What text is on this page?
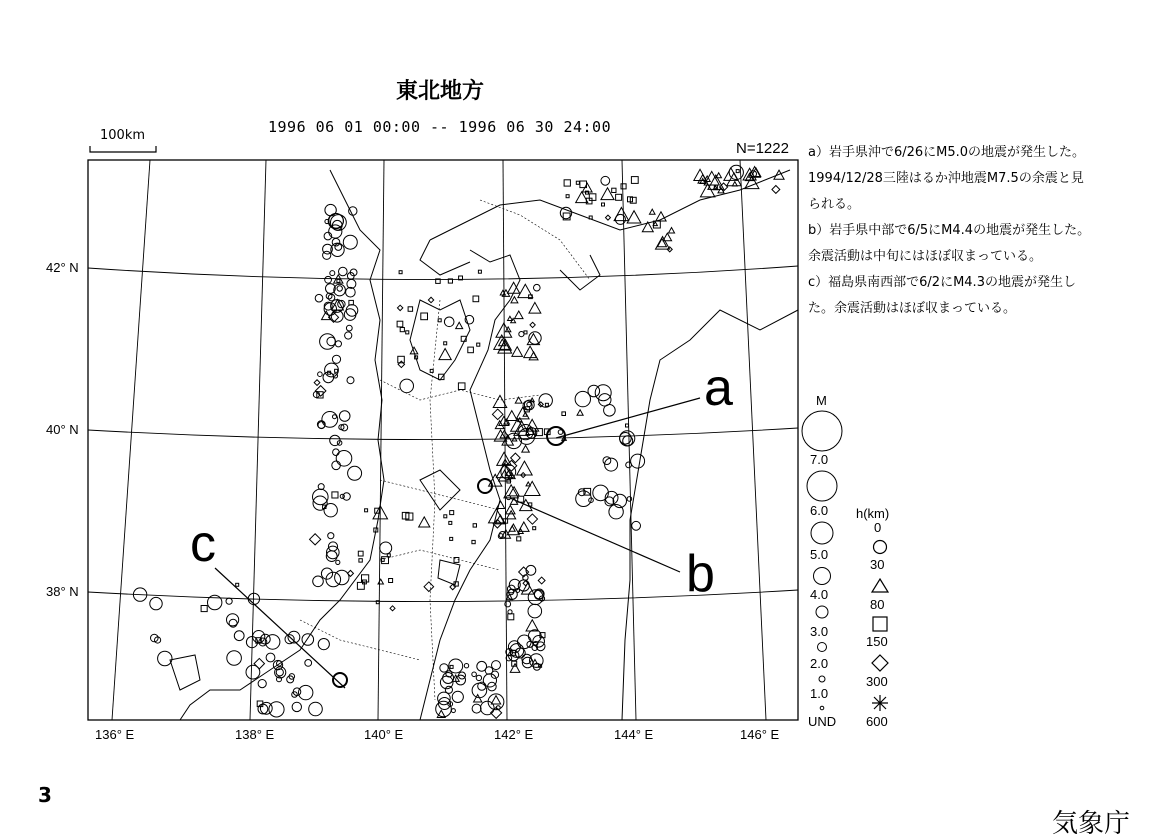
東北地方
1996 06 01 00:00 -- 1996 06 30 24:00
100km
N=1222 a）岩手県沖で6/26にM5.0の地震が発生した。

1994/12/28三陸はるか沖地震M7.5の余震と見

られる。

b）岩手県中部で6/5にM4.4の地震が発生した。

余震活動は中旬にはほぼ収まっている。

c）福島県南西部で6/2にM4.3の地震が発生し

た。余震活動はほぼ収まっている。

42° N
40° N
38° N
136° E	138° E	140° E	142° E	144° E	146° E
a
b
c
M
7.0
6.0
5.0
4.0
3.0
2.0
1.0
UND
h(km)
0
30
80
150
300
600
3
気象庁
